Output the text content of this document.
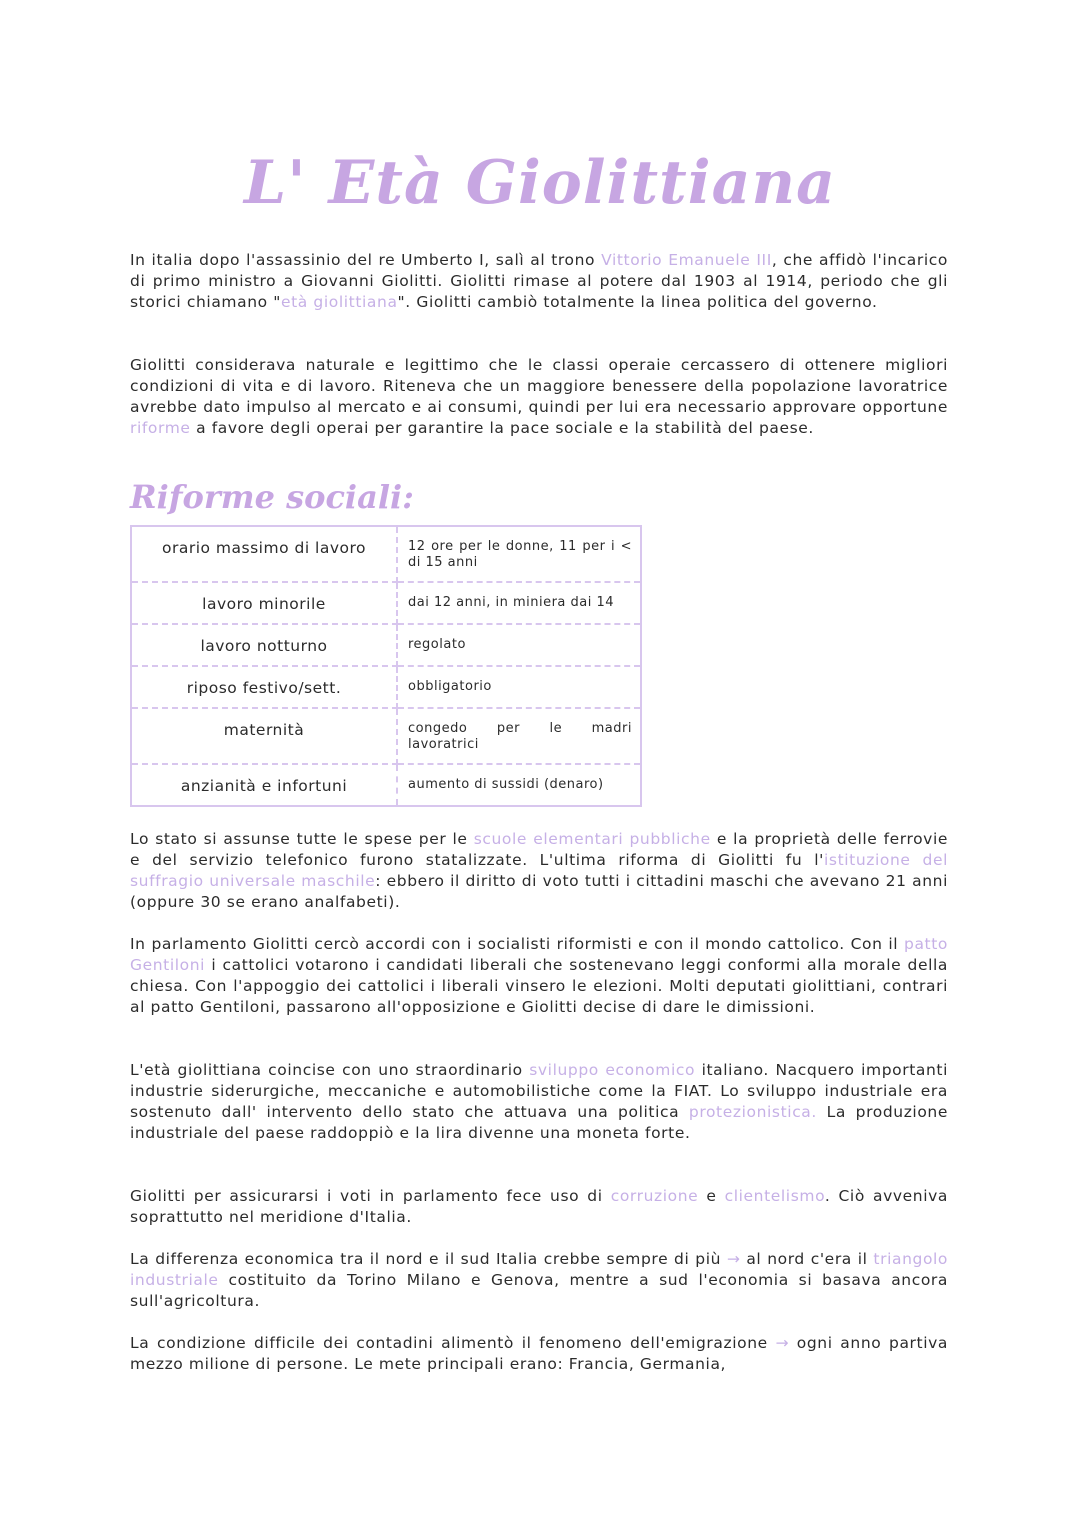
L' Età Giolittiana

In italia dopo l'assassinio del re Umberto I, salì al trono Vittorio Emanuele III, che affidò l'incarico di primo ministro a Giovanni Giolitti. Giolitti rimase al potere dal 1903 al 1914, periodo che gli storici chiamano "età giolittiana". Giolitti cambiò totalmente la linea politica del governo.

Giolitti considerava naturale e legittimo che le classi operaie cercassero di ottenere migliori condizioni di vita e di lavoro. Riteneva che un maggiore benessere della popolazione lavoratrice avrebbe dato impulso al mercato e ai consumi, quindi per lui era necessario approvare opportune riforme a favore degli operai per garantire la pace sociale e la stabilità del paese.

Riforme sociali:
orario massimo di lavoro	12 ore per le donne, 11 per i < di 15 anni
lavoro minorile	dai 12 anni, in miniera dai 14
lavoro notturno	regolato
riposo festivo/sett.	obbligatorio
maternità	congedo per le madri lavoratrici
anzianità e infortuni	aumento di sussidi (denaro)

Lo stato si assunse tutte le spese per le scuole elementari pubbliche e la proprietà delle ferrovie e del servizio telefonico furono statalizzate. L'ultima riforma di Giolitti fu l'istituzione del suffragio universale maschile: ebbero il diritto di voto tutti i cittadini maschi che avevano 21 anni (oppure 30 se erano analfabeti).

In parlamento Giolitti cercò accordi con i socialisti riformisti e con il mondo cattolico. Con il patto Gentiloni i cattolici votarono i candidati liberali che sostenevano leggi conformi alla morale della chiesa. Con l'appoggio dei cattolici i liberali vinsero le elezioni. Molti deputati giolittiani, contrari al patto Gentiloni, passarono all'opposizione e Giolitti decise di dare le dimissioni.

L'età giolittiana coincise con uno straordinario sviluppo economico italiano. Nacquero importanti industrie siderurgiche, meccaniche e automobilistiche come la FIAT. Lo sviluppo industriale era sostenuto dall' intervento dello stato che attuava una politica protezionistica. La produzione industriale del paese raddoppiò e la lira divenne una moneta forte.

Giolitti per assicurarsi i voti in parlamento fece uso di corruzione e clientelismo. Ciò avveniva soprattutto nel meridione d'Italia.

La differenza economica tra il nord e il sud Italia crebbe sempre di più → al nord c'era il triangolo industriale costituito da Torino Milano e Genova, mentre a sud l'economia si basava ancora sull'agricoltura.

La condizione difficile dei contadini alimentò il fenomeno dell'emigrazione → ogni anno partiva mezzo milione di persone. Le mete principali erano: Francia, Germania,
